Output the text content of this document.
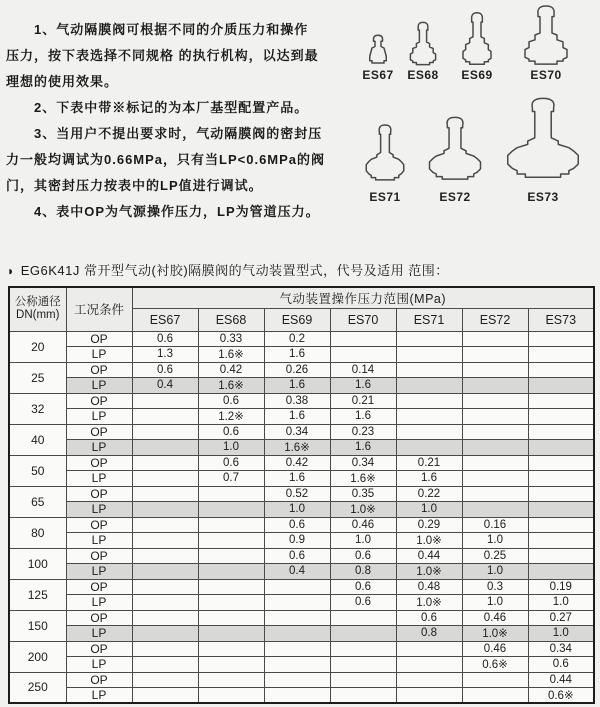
1、气动隔膜阀可根据不同的介质压力和操作
压力，按下表选择不同规格 的执行机构，以达到最
理想的使用效果。
2、下表中带※标记的为本厂基型配置产品。
3、当用户不提出要求时，气动隔膜阀的密封压
力一般均调试为0.66MPa，只有当LP<0.6MPa的阀
门，其密封压力按表中的LP值进行调试。
4、表中OP为气源操作压力，LP为管道压力。
ES67	ES68	ES69	ES70
ES71	ES72	ES73
◗ EG6K41J 常开型气动(衬胶)隔膜阀的气动装置型式，代号及适用 范围：
公称通径
DN(mm)	工况条件	气动装置操作压力范围(MPa)						
		ES67	ES68	ES69	ES70	ES71	ES72	ES73
20	OP	0.6	0.33	0.2				
	LP	1.3	1.6※	1.6				
25	OP	0.6	0.42	0.26	0.14			
	LP	0.4	1.6※	1.6	1.6			
32	OP		0.6	0.38	0.21			
	LP		1.2※	1.6	1.6			
40	OP		0.6	0.34	0.23			
	LP		1.0	1.6※	1.6			
50	OP		0.6	0.42	0.34	0.21		
	LP		0.7	1.6	1.6※	1.6		
65	OP			0.52	0.35	0.22		
	LP			1.0	1.0※	1.0		
80	OP			0.6	0.46	0.29	0.16	
	LP			0.9	1.0	1.0※	1.0	
100	OP			0.6	0.6	0.44	0.25	
	LP			0.4	0.8	1.0※	1.0	
125	OP				0.6	0.48	0.3	0.19
	LP				0.6	1.0※	1.0	1.0
150	OP					0.6	0.46	0.27
	LP					0.8	1.0※	1.0
200	OP						0.46	0.34
	LP						0.6※	0.6
250	OP							0.44
	LP							0.6※
